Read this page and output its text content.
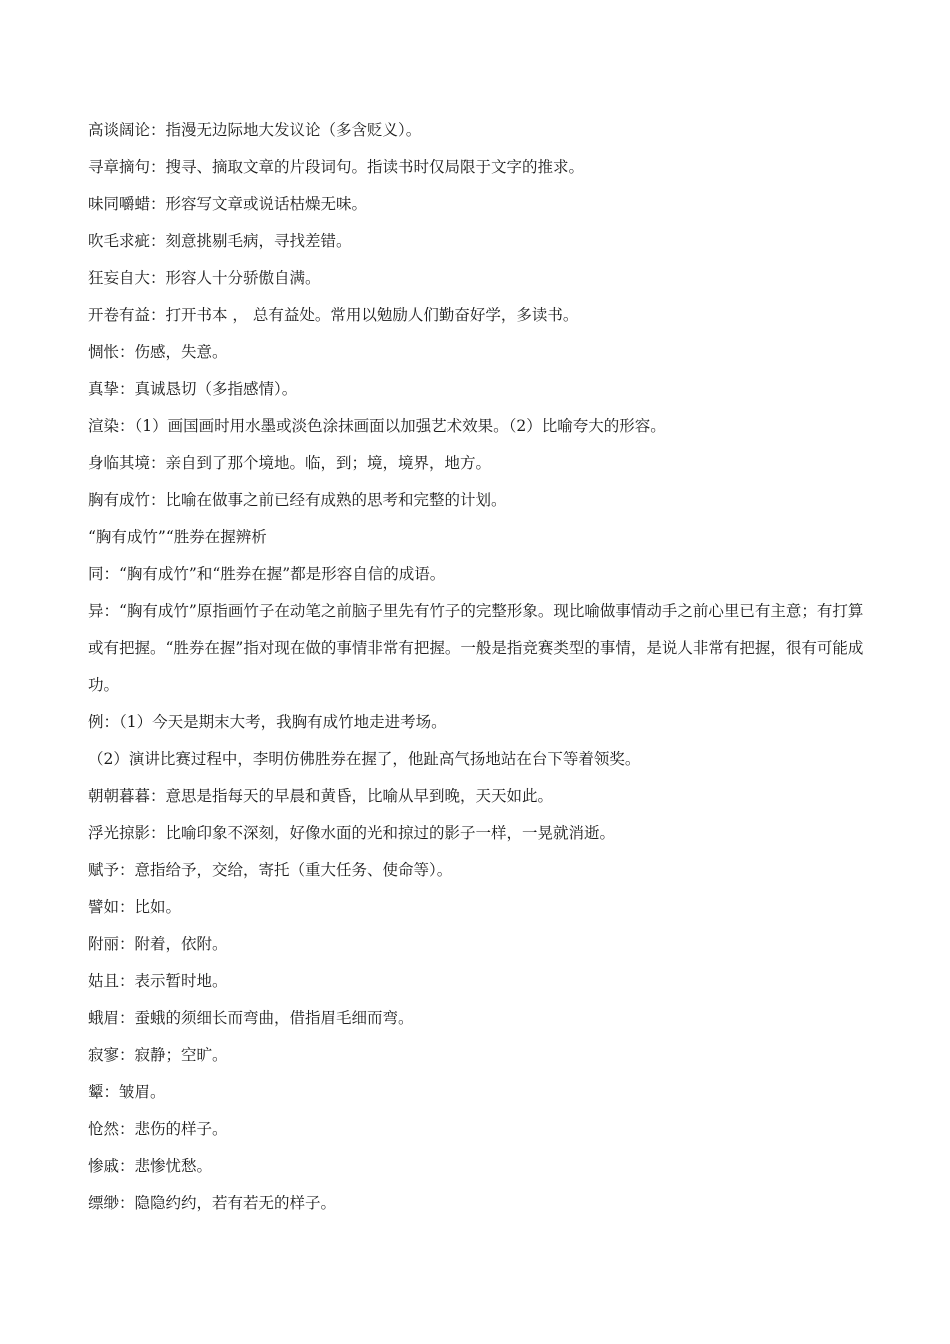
高谈阔论：指漫无边际地大发议论（多含贬义）。

寻章摘句：搜寻、摘取文章的片段词句。指读书时仅局限于文字的推求。

味同嚼蜡：形容写文章或说话枯燥无味。

吹毛求疵：刻意挑剔毛病，寻找差错。

狂妄自大：形容人十分骄傲自满。

开卷有益：打开书本 ， 总有益处。常用以勉励人们勤奋好学，多读书。

惆怅：伤感，失意。

真挚：真诚恳切（多指感情）。

渲染：（1）画国画时用水墨或淡色涂抹画面以加强艺术效果。（2）比喻夸大的形容。

身临其境：亲自到了那个境地。临，到；境，境界，地方。

胸有成竹：比喻在做事之前已经有成熟的思考和完整的计划。

“胸有成竹”“胜券在握辨析

同：“胸有成竹”和“胜券在握”都是形容自信的成语。

异：“胸有成竹”原指画竹子在动笔之前脑子里先有竹子的完整形象。现比喻做事情动手之前心里已有主意；有打算或有把握。“胜券在握”指对现在做的事情非常有把握。一般是指竞赛类型的事情，是说人非常有把握，很有可能成功。

例：（1）今天是期末大考，我胸有成竹地走进考场。

（2）演讲比赛过程中，李明仿佛胜券在握了，他趾高气扬地站在台下等着领奖。

朝朝暮暮：意思是指每天的早晨和黄昏，比喻从早到晚，天天如此。

浮光掠影：比喻印象不深刻，好像水面的光和掠过的影子一样，一晃就消逝。

赋予：意指给予，交给，寄托（重大任务、使命等）。

譬如：比如。

附丽：附着，依附。

姑且：表示暂时地。

蛾眉：蚕蛾的须细长而弯曲，借指眉毛细而弯。

寂寥：寂静；空旷。

颦：皱眉。

怆然：悲伤的样子。

惨戚：悲惨忧愁。

缥缈：隐隐约约，若有若无的样子。
